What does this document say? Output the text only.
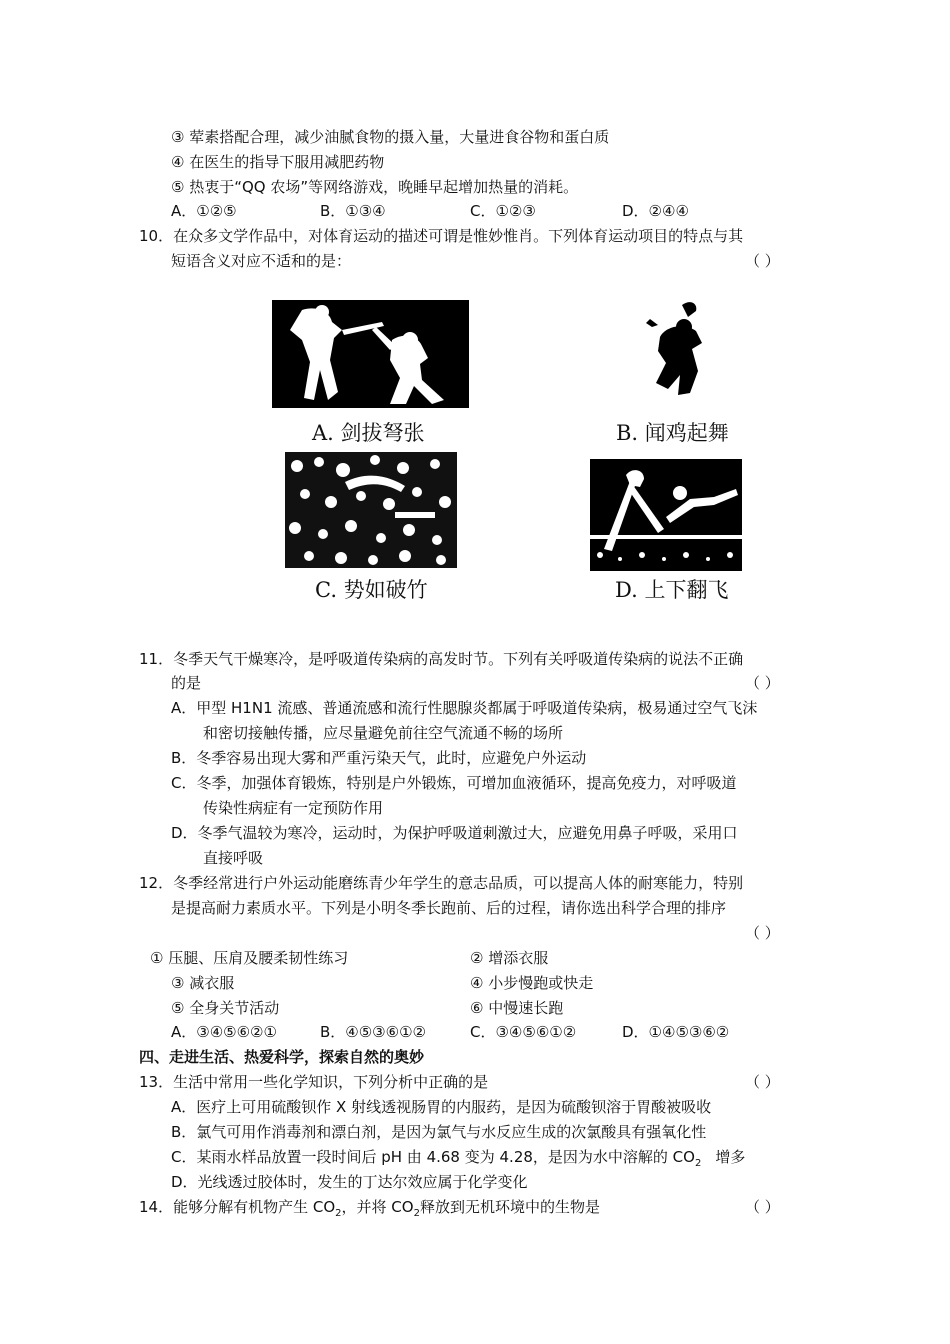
③ 荤素搭配合理，减少油腻食物的摄入量，大量进食谷物和蛋白质
④ 在医生的指导下服用减肥药物
⑤ 热衷于“QQ 农场”等网络游戏，晚睡早起增加热量的消耗。
A．①②⑤	B．①③④	C．①②③	D．②④④
10．在众多文学作品中，对体育运动的描述可谓是惟妙惟肖。下列体育运动项目的特点与其
短语含义对应不适和的是：	（ ）
A. 剑拔弩张	B. 闻鸡起舞
C. 势如破竹	D. 上下翻飞
11．冬季天气干燥寒冷，是呼吸道传染病的高发时节。下列有关呼吸道传染病的说法不正确
的是	（ ）
A．甲型 H1N1 流感、普通流感和流行性腮腺炎都属于呼吸道传染病，极易通过空气飞沫
和密切接触传播，应尽量避免前往空气流通不畅的场所
B．冬季容易出现大雾和严重污染天气，此时，应避免户外运动
C．冬季，加强体育锻炼，特别是户外锻炼，可增加血液循环，提高免疫力，对呼吸道
传染性病症有一定预防作用
D．冬季气温较为寒冷，运动时，为保护呼吸道刺激过大，应避免用鼻子呼吸，采用口
直接呼吸
12．冬季经常进行户外运动能磨练青少年学生的意志品质，可以提高人体的耐寒能力，特别
是提高耐力素质水平。下列是小明冬季长跑前、后的过程，请你选出科学合理的排序
（ ）
① 压腿、压肩及腰柔韧性练习	② 增添衣服
③ 减衣服	④ 小步慢跑或快走
⑤ 全身关节活动	⑥ 中慢速长跑
A．③④⑤⑥②①	B．④⑤③⑥①②	C．③④⑤⑥①②	D．①④⑤③⑥②
四、走进生活、热爱科学，探索自然的奥妙
13．生活中常用一些化学知识，下列分析中正确的是	（ ）
A．医疗上可用硫酸钡作 X 射线透视肠胃的内服药，是因为硫酸钡溶于胃酸被吸收
B．氯气可用作消毒剂和漂白剂，是因为氯气与水反应生成的次氯酸具有强氧化性
C．某雨水样品放置一段时间后 pH 由 4.68 变为 4.28，是因为水中溶解的 $CO_2$ 增多
D．光线透过胶体时，发生的丁达尔效应属于化学变化
14．能够分解有机物产生 $CO_2$，并将 $CO_2$释放到无机环境中的生物是	（ ）
